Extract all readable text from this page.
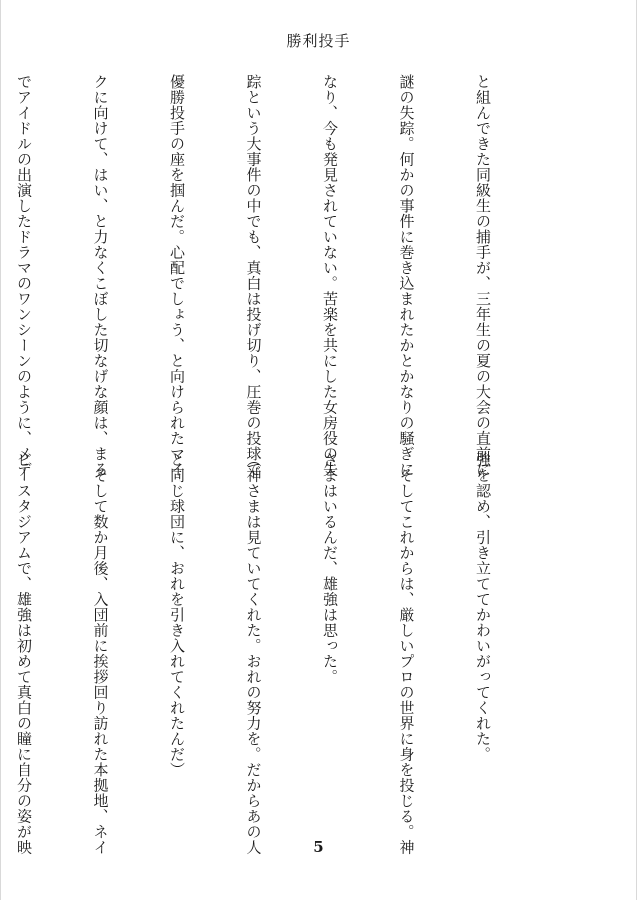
勝利投手

と組んできた同級生の捕手が、三年生の夏の大会の直前に

謎の失踪。何かの事件に巻き込まれたかとかなりの騒ぎに

なり、今も発見されていない。苦楽を共にした女房役の失

踪という大事件の中でも、真白は投げ切り、圧巻の投球で

優勝投手の座を掴んだ。心配でしょう、と向けられたマイ

クに向けて、はい、と力なくこぼした切なげな顔は、まる

でアイドルの出演したドラマのワンシーンのように、メデ

強を認め、引き立ててかわいがってくれた。

　そしてこれからは、厳しいプロの世界に身を投じる。神

さまはいるんだ、雄強は思った。

（神さまは見ていてくれた。おれの努力を。だからあの人

と同じ球団に、おれを引き入れてくれたんだ）

　そして数か月後、入団前に挨拶回り訪れた本拠地、ネイ

ビースタジアムで、雄強は初めて真白の瞳に自分の姿が映

	5
